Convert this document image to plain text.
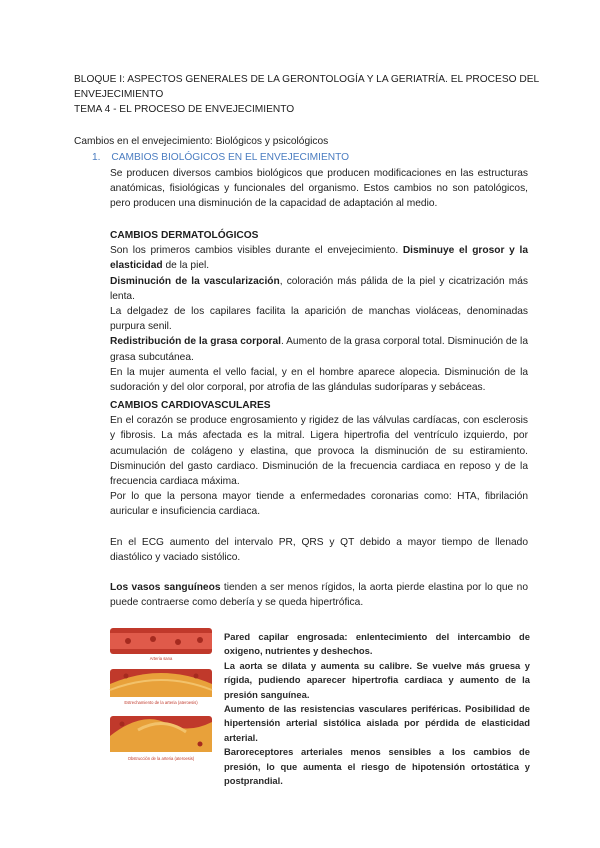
BLOQUE I: ASPECTOS GENERALES DE LA GERONTOLOGÍA Y LA GERIATRÍA. EL PROCESO DEL
ENVEJECIMIENTO
TEMA 4 - EL PROCESO DE ENVEJECIMIENTO
Cambios en el envejecimiento: Biológicos y psicológicos
1. CAMBIOS BIOLÓGICOS EN EL ENVEJECIMIENTO

Se producen diversos cambios biológicos que producen modificaciones en las estructuras anatómicas, fisiológicas y funcionales del organismo. Estos cambios no son patológicos, pero producen una disminución de la capacidad de adaptación al medio.

CAMBIOS DERMATOLÓGICOS

Son los primeros cambios visibles durante el envejecimiento. Disminuye el grosor y la elasticidad de la piel.

Disminución de la vascularización, coloración más pálida de la piel y cicatrización más lenta.

La delgadez de los capilares facilita la aparición de manchas violáceas, denominadas purpura senil.

Redistribución de la grasa corporal. Aumento de la grasa corporal total. Disminución de la grasa subcutánea.

En la mujer aumenta el vello facial, y en el hombre aparece alopecia. Disminución de la sudoración y del olor corporal, por atrofia de las glándulas sudoríparas y sebáceas.

CAMBIOS CARDIOVASCULARES

En el corazón se produce engrosamiento y rigidez de las válvulas cardíacas, con esclerosis y fibrosis. La más afectada es la mitral. Ligera hipertrofia del ventrículo izquierdo, por acumulación de colágeno y elastina, que provoca la disminución de su estiramiento. Disminución del gasto cardiaco. Disminución de la frecuencia cardiaca en reposo y de la frecuencia cardiaca máxima.

Por lo que la persona mayor tiende a enfermedades coronarias como: HTA, fibrilación auricular e insuficiencia cardiaca.

En el ECG aumento del intervalo PR, QRS y QT debido a mayor tiempo de llenado diastólico y vaciado sistólico.

Los vasos sanguíneos tienden a ser menos rígidos, la aorta pierde elastina por lo que no puede contraerse como debería y se queda hipertrófica.

Arteria sana
Estrechamiento de la arteria (ateroesis)
Obstrucción de la arteria (ateroesis)

Pared capilar engrosada: enlentecimiento del intercambio de oxigeno, nutrientes y deshechos.

La aorta se dilata y aumenta su calibre. Se vuelve más gruesa y rígida, pudiendo aparecer hipertrofia cardiaca y aumento de la presión sanguínea.

Aumento de las resistencias vasculares periféricas. Posibilidad de hipertensión arterial sistólica aislada por pérdida de elasticidad arterial.

Baroreceptores arteriales menos sensibles a los cambios de presión, lo que aumenta el riesgo de hipotensión ortostática y postprandial.
